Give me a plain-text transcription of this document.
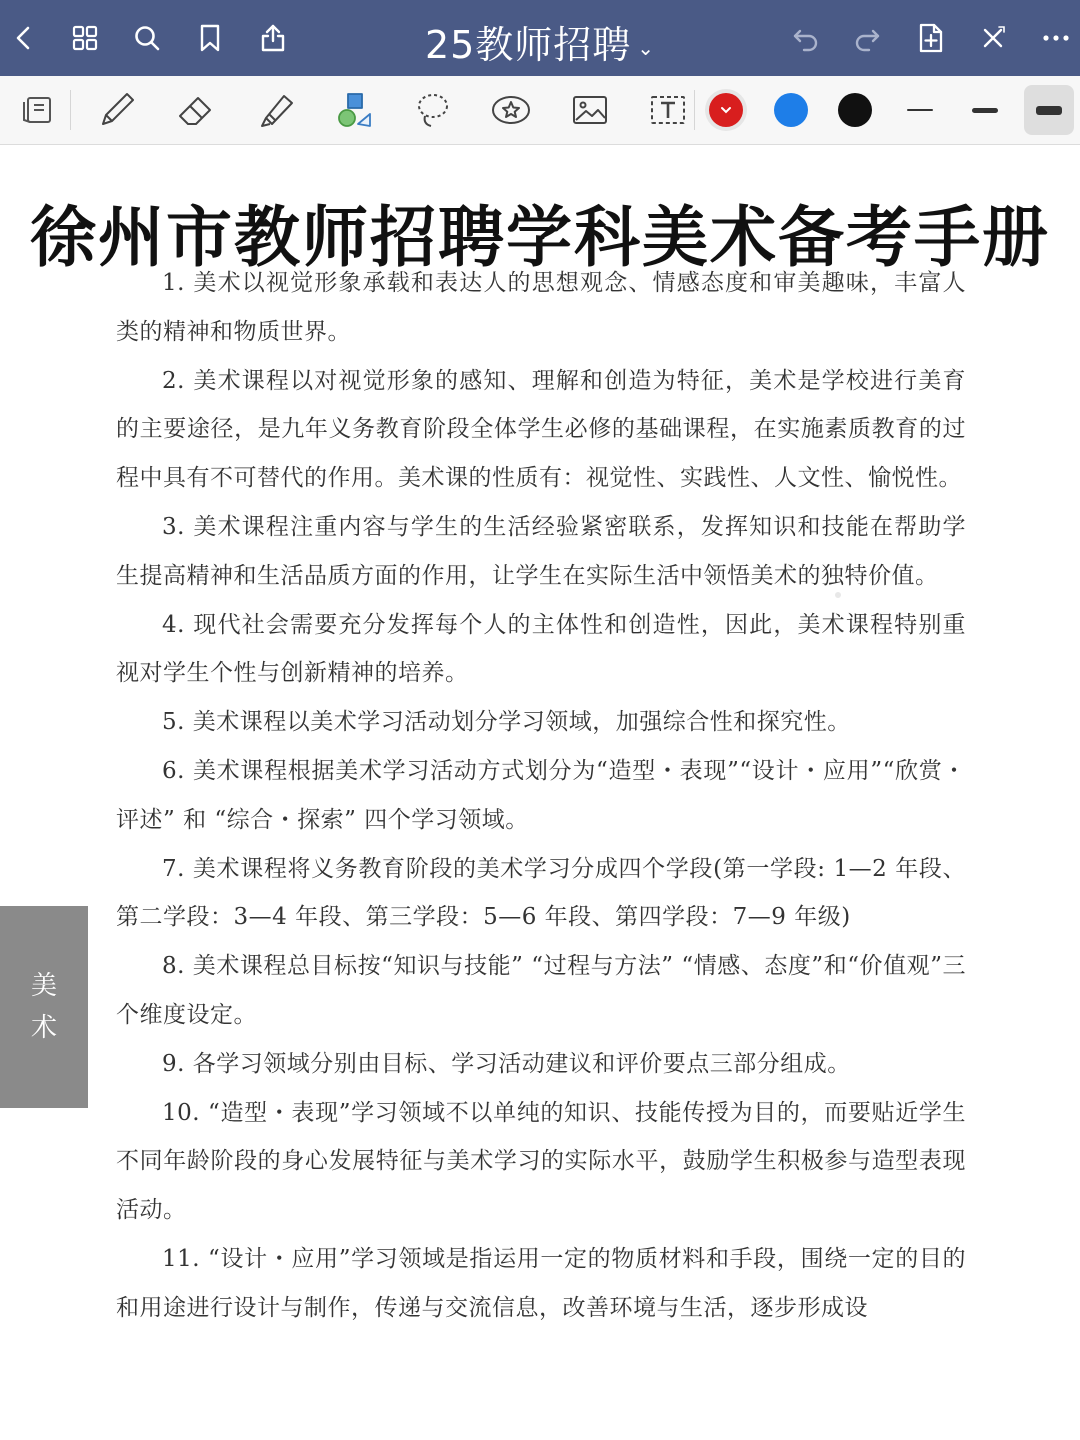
25教师招聘 ⌄
徐州市教师招聘学科美术备考手册

1. 美术以视觉形象承载和表达人的思想观念、情感态度和审美趣味，丰富人类的精神和物质世界。

2. 美术课程以对视觉形象的感知、理解和创造为特征，美术是学校进行美育的主要途径，是九年义务教育阶段全体学生必修的基础课程，在实施素质教育的过程中具有不可替代的作用。美术课的性质有：视觉性、实践性、人文性、愉悦性。

3. 美术课程注重内容与学生的生活经验紧密联系，发挥知识和技能在帮助学生提高精神和生活品质方面的作用，让学生在实际生活中领悟美术的独特价值。

4. 现代社会需要充分发挥每个人的主体性和创造性，因此，美术课程特别重视对学生个性与创新精神的培养。

5. 美术课程以美术学习活动划分学习领域，加强综合性和探究性。

6. 美术课程根据美术学习活动方式划分为“造型・表现”“设计・应用”“欣赏・评述” 和 “综合・探索” 四个学习领域。

7. 美术课程将义务教育阶段的美术学习分成四个学段(第一学段: 1—2 年段、第二学段：3—4 年段、第三学段：5—6 年段、第四学段：7—9 年级)

8. 美术课程总目标按“知识与技能” “过程与方法” “情感、态度”和“价值观”三个维度设定。

9. 各学习领域分别由目标、学习活动建议和评价要点三部分组成。

10. “造型・表现”学习领域不以单纯的知识、技能传授为目的，而要贴近学生不同年龄阶段的身心发展特征与美术学习的实际水平，鼓励学生积极参与造型表现活动。

11. “设计・应用”学习领域是指运用一定的物质材料和手段，围绕一定的目的和用途进行设计与制作，传递与交流信息，改善环境与生活，逐步形成设

美术
